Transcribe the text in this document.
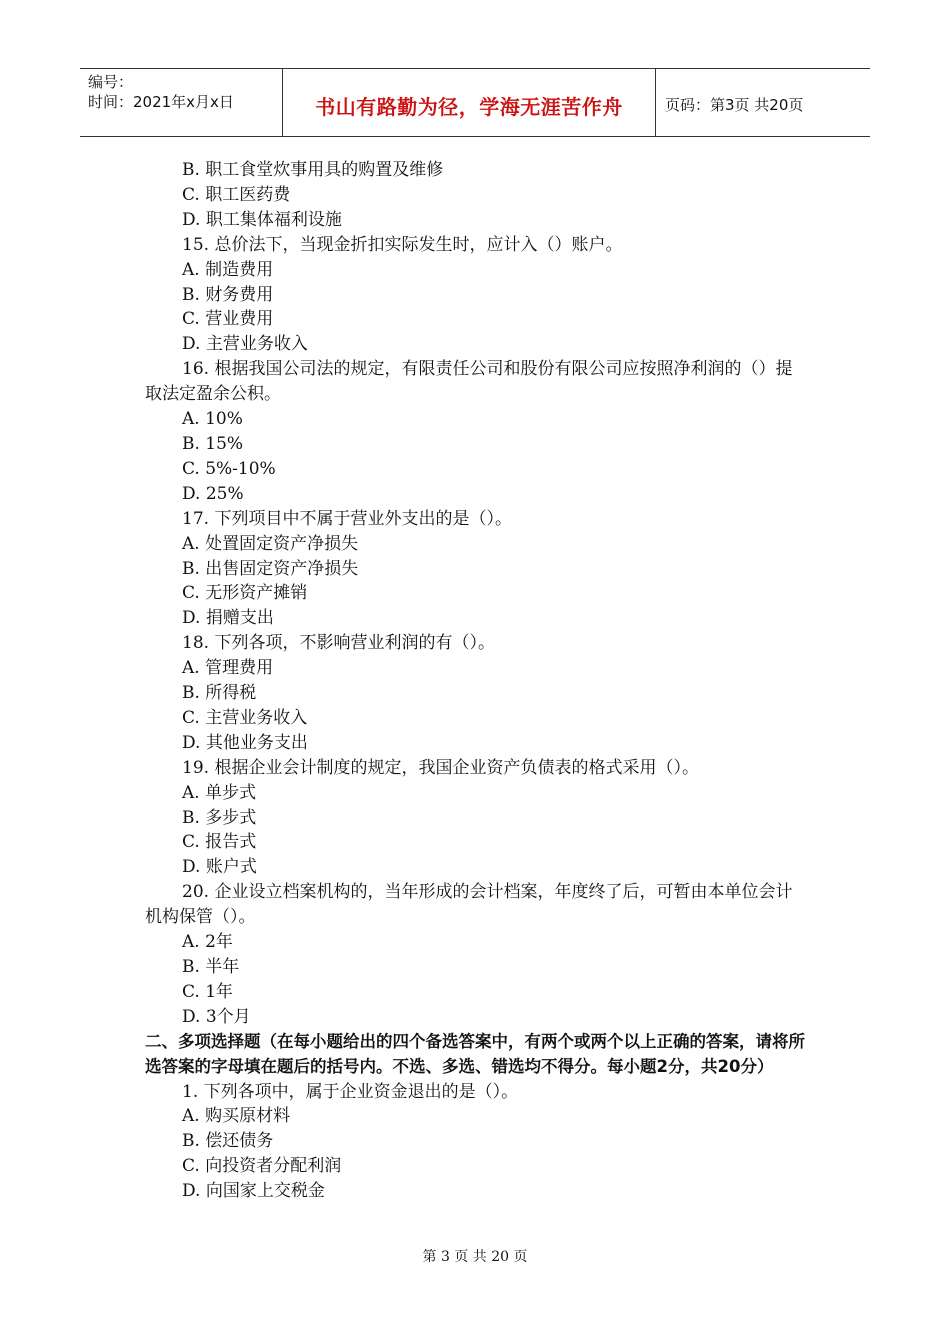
编号：
时间：2021年x月x日	书山有路勤为径，学海无涯苦作舟	页码：第3页 共20页
B. 职工食堂炊事用具的购置及维修
C. 职工医药费
D. 职工集体福利设施
15. 总价法下，当现金折扣实际发生时，应计入（）账户。
A. 制造费用
B. 财务费用
C. 营业费用
D. 主营业务收入
16. 根据我国公司法的规定，有限责任公司和股份有限公司应按照净利润的（）提取法定盈余公积。
A. 10%
B. 15%
C. 5%-10%
D. 25%
17. 下列项目中不属于营业外支出的是（）。
A. 处置固定资产净损失
B. 出售固定资产净损失
C. 无形资产摊销
D. 捐赠支出
18. 下列各项，不影响营业利润的有（）。
A. 管理费用
B. 所得税
C. 主营业务收入
D. 其他业务支出
19. 根据企业会计制度的规定，我国企业资产负债表的格式采用（）。
A. 单步式
B. 多步式
C. 报告式
D. 账户式
20. 企业设立档案机构的，当年形成的会计档案，年度终了后，可暂由本单位会计机构保管（）。
A. 2年
B. 半年
C. 1年
D. 3个月
二、多项选择题（在每小题给出的四个备选答案中，有两个或两个以上正确的答案，请将所选答案的字母填在题后的括号内。不选、多选、错选均不得分。每小题2分，共20分）
1. 下列各项中，属于企业资金退出的是（）。
A. 购买原材料
B. 偿还债务
C. 向投资者分配利润
D. 向国家上交税金
第 3 页 共 20 页
